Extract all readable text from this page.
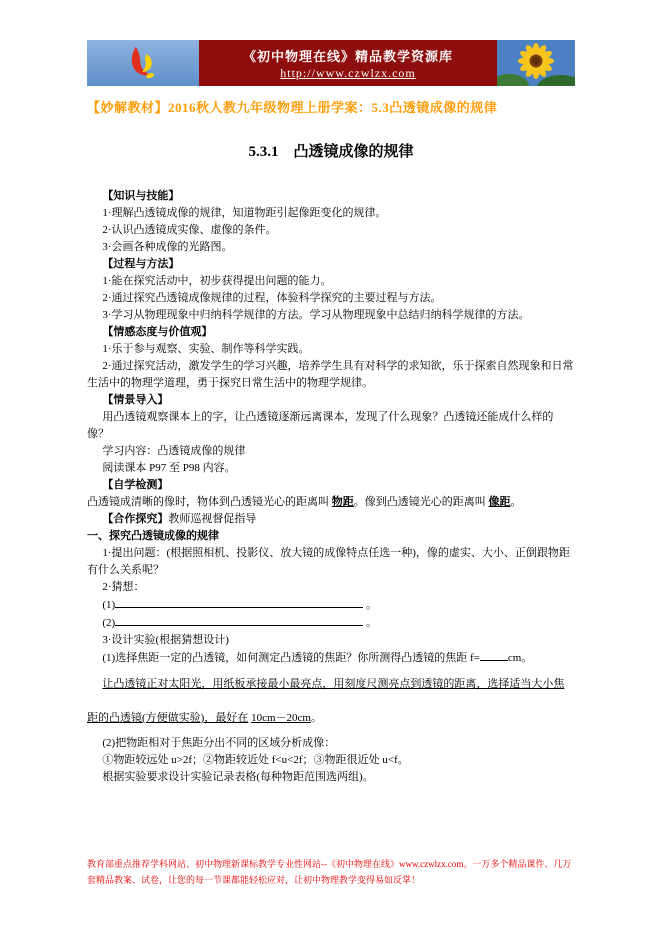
《初中物理在线》精品教学资源库
http://www.czwlzx.com
【妙解教材】2016秋人教九年级物理上册学案：5.3凸透镜成像的规律
5.3.1　凸透镜成像的规律

【知识与技能】

1·理解凸透镜成像的规律，知道物距引起像距变化的规律。

2·认识凸透镜成实像、虚像的条件。

3·会画各种成像的光路图。

【过程与方法】

1·能在探究活动中，初步获得提出问题的能力。

2·通过探究凸透镜成像规律的过程，体验科学探究的主要过程与方法。

3·学习从物理现象中归纳科学规律的方法。学习从物理现象中总结归纳科学规律的方法。

【情感态度与价值观】

1·乐于参与观察、实验、制作等科学实践。

2·通过探究活动，激发学生的学习兴趣，培养学生具有对科学的求知欲，乐于探索自然现象和日常生活中的物理学道理，勇于探究日常生活中的物理学规律。

【情景导入】

用凸透镜观察课本上的字，让凸透镜逐渐远离课本，发现了什么现象？凸透镜还能成什么样的像？

学习内容：凸透镜成像的规律

阅读课本 P97 至 P98 内容。

【自学检测】

凸透镜成清晰的像时，物体到凸透镜光心的距离叫 物距。像到凸透镜光心的距离叫 像距。

【合作探究】教师巡视督促指导

一、探究凸透镜成像的规律

1·提出问题：(根据照相机、投影仪、放大镜的成像特点任选一种)，像的虚实、大小、正倒跟物距有什么关系呢？

2·猜想：

(1)	。

(2)	。

3·设计实验(根据猜想设计)

(1)选择焦距一定的凸透镜，如何测定凸透镜的焦距？你所测得凸透镜的焦距 f=	cm。

让凸透镜正对太阳光，用纸板承接最小最亮点，用刻度尺测亮点到透镜的距离，选择适当大小焦距的凸透镜(方便做实验)，最好在 10cm－20cm。

(2)把物距相对于焦距分出不同的区域分析成像：

①物距较远处 u>2f；②物距较近处 f<u<2f；③物距很近处 u<f。

根据实验要求设计实验记录表格(每种物距范围选两组)。

教育部重点推荐学科网站、初中物理新课标教学专业性网站--《初中物理在线》www.czwlzx.com。一万多个精品课件、几万套精品教案、试卷，让您的每一节课都能轻松应对，让初中物理教学变得易如反掌！
